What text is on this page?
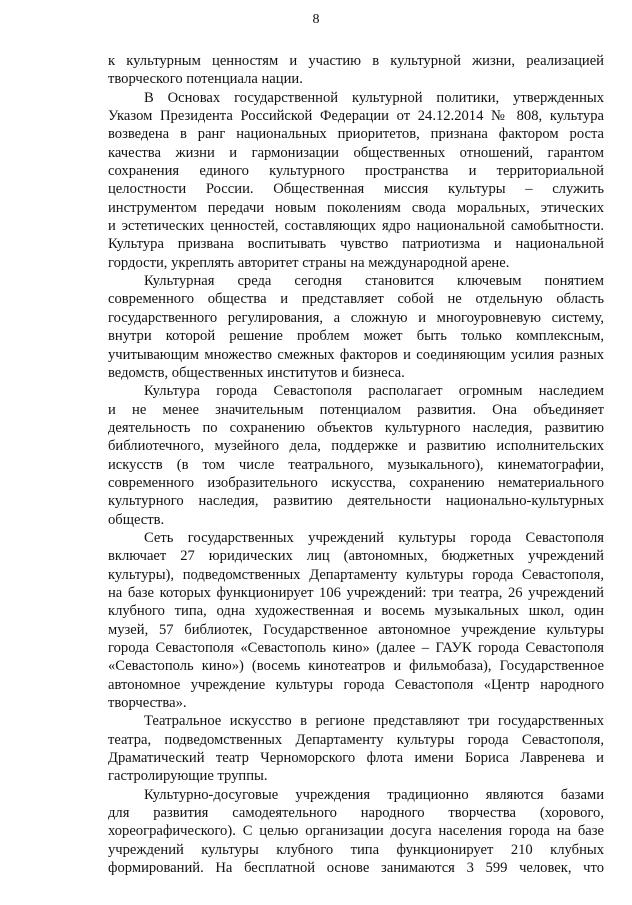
8

к культурным ценностям и участию в культурной жизни, реализацией
творческого потенциала нации.

В Основах государственной культурной политики, утвержденных
Указом Президента Российской Федерации от 24.12.2014 № 808, культура
возведена в ранг национальных приоритетов, признана фактором роста
качества жизни и гармонизации общественных отношений, гарантом
сохранения единого культурного пространства и территориальной
целостности России. Общественная миссия культуры – служить
инструментом передачи новым поколениям свода моральных, этических
и эстетических ценностей, составляющих ядро национальной самобытности.
Культура призвана воспитывать чувство патриотизма и национальной
гордости, укреплять авторитет страны на международной арене.

Культурная среда сегодня становится ключевым понятием
современного общества и представляет собой не отдельную область
государственного регулирования, а сложную и многоуровневую систему,
внутри которой решение проблем может быть только комплексным,
учитывающим множество смежных факторов и соединяющим усилия разных
ведомств, общественных институтов и бизнеса.

Культура города Севастополя располагает огромным наследием
и не менее значительным потенциалом развития. Она объединяет
деятельность по сохранению объектов культурного наследия, развитию
библиотечного, музейного дела, поддержке и развитию исполнительских
искусств (в том числе театрального, музыкального), кинематографии,
современного изобразительного искусства, сохранению нематериального
культурного наследия, развитию деятельности национально-культурных
обществ.

Сеть государственных учреждений культуры города Севастополя
включает 27 юридических лиц (автономных, бюджетных учреждений
культуры), подведомственных Департаменту культуры города Севастополя,
на базе которых функционирует 106 учреждений: три театра, 26 учреждений
клубного типа, одна художественная и восемь музыкальных школ, один
музей, 57 библиотек, Государственное автономное учреждение культуры
города Севастополя «Севастополь кино» (далее – ГАУК города Севастополя
«Севастополь кино») (восемь кинотеатров и фильмобаза), Государственное
автономное учреждение культуры города Севастополя «Центр народного
творчества».

Театральное искусство в регионе представляют три государственных
театра, подведомственных Департаменту культуры города Севастополя,
Драматический театр Черноморского флота имени Бориса Лавренева и
гастролирующие труппы.

Культурно-досуговые учреждения традиционно являются базами
для развития самодеятельного народного творчества (хорового,
хореографического). С целью организации досуга населения города на базе
учреждений культуры клубного типа функционирует 210 клубных
формирований. На бесплатной основе занимаются 3 599 человек, что
